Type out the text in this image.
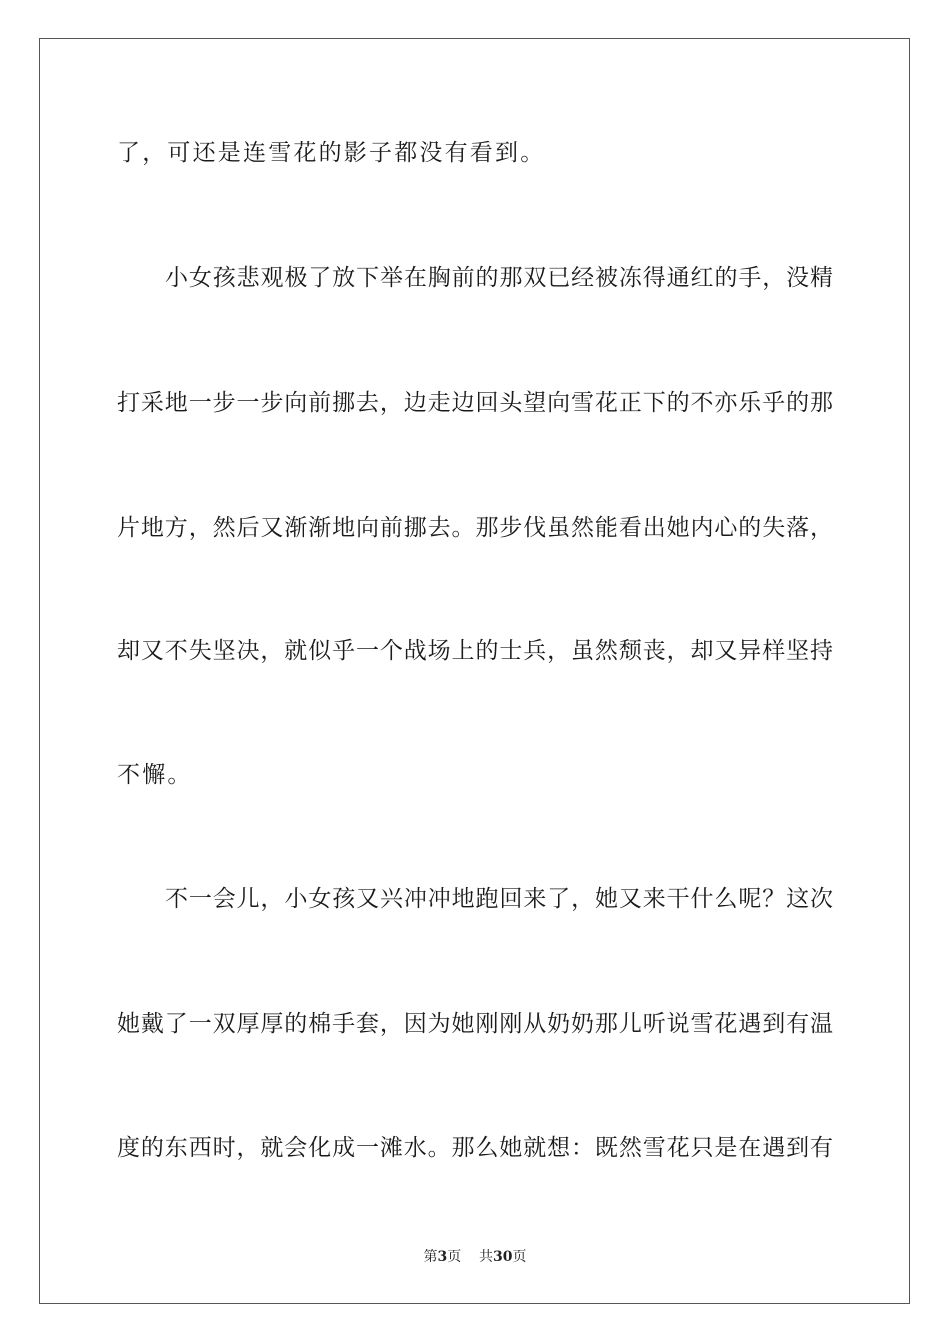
了，可还是连雪花的影子都没有看到。
小女孩悲观极了放下举在胸前的那双已经被冻得通红的手，没精
打采地一步一步向前挪去，边走边回头望向雪花正下的不亦乐乎的那
片地方，然后又渐渐地向前挪去。那步伐虽然能看出她内心的失落，
却又不失坚决，就似乎一个战场上的士兵，虽然颓丧，却又异样坚持
不懈。
不一会儿，小女孩又兴冲冲地跑回来了，她又来干什么呢？这次
她戴了一双厚厚的棉手套，因为她刚刚从奶奶那儿听说雪花遇到有温
度的东西时，就会化成一滩水。那么她就想：既然雪花只是在遇到有
第3页 共30页
